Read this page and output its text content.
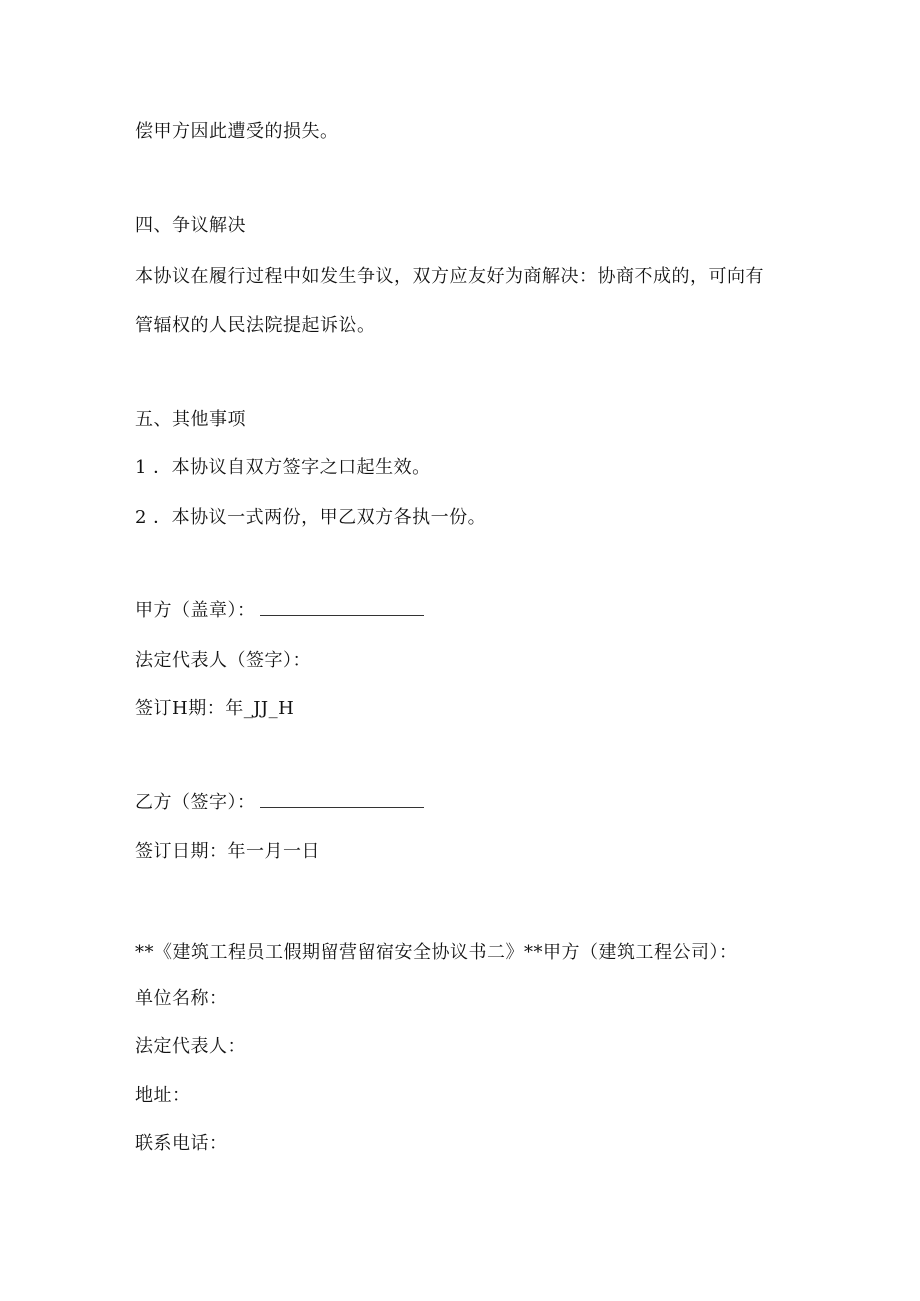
偿甲方因此遭受的损失。
四、争议解决
本协议在履行过程中如发生争议，双方应友好为商解决：协商不成的，可向有
管辐权的人民法院提起诉讼。
五、其他事项
1 ．本协议自双方签字之口起生效。
2 ．本协议一式两份，甲乙双方各执一份。
甲方（盖章）：
法定代表人（签字）：
签订H期：年_JJ_H
乙方（签字）：
签订日期：年一月一日
**《建筑工程员工假期留营留宿安全协议书二》**甲方（建筑工程公司）：
单位名称：
法定代表人：
地址：
联系电话：
